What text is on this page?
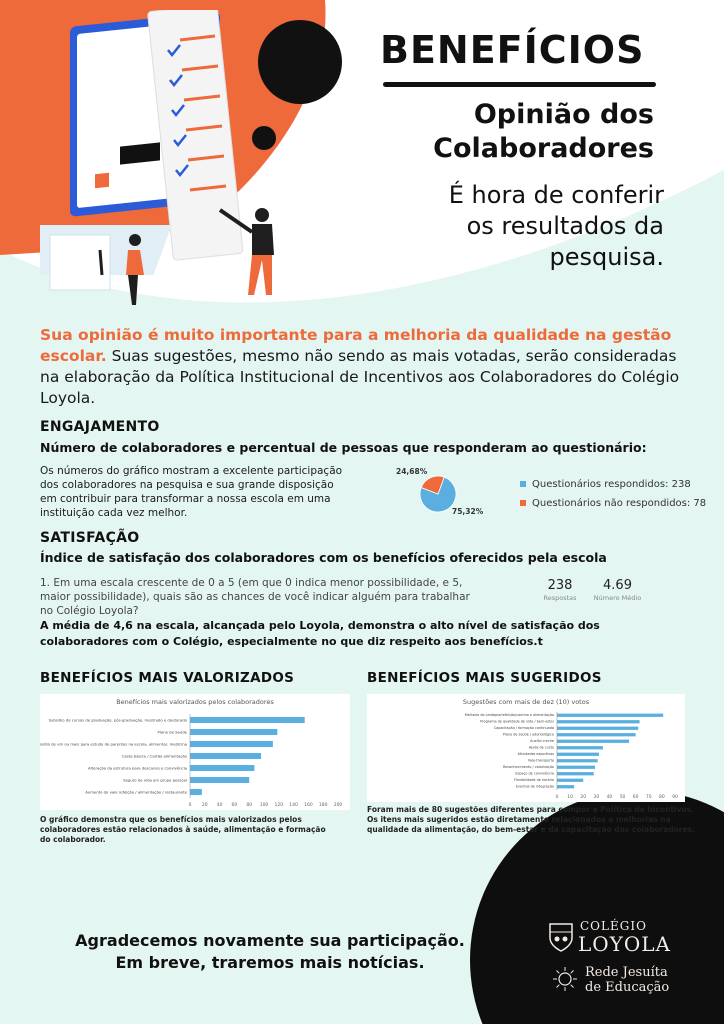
BENEFÍCIOS
Opinião dos
Colaboradores
É hora de conferir
os resultados da
pesquisa.
Sua opinião é muito importante para a melhoria da qualidade na gestão escolar. Suas sugestões, mesmo não sendo as mais votadas, serão consideradas na elaboração da Política Institucional de Incentivos aos Colaboradores do Colégio Loyola.
ENGAJAMENTO
Número de colaboradores e percentual de pessoas que responderam ao questionário:
Os números do gráfico mostram a excelente participação dos colaboradores na pesquisa e sua grande disposição em contribuir para transformar a nossa escola em uma instituição cada vez melhor.
24,68%
75,32%
Questionários respondidos: 238
Questionários não respondidos: 78
SATISFAÇÃO
Índice de satisfação dos colaboradores com os benefícios oferecidos pela escola
1. Em uma escala crescente de 0 a 5 (em que 0 indica menor possibilidade, e 5, maior possibilidade), quais são as chances de você indicar alguém para trabalhar no Colégio Loyola?
238
Respostas
4.69
Número Médio
A média de 4,6 na escala, alcançada pelo Loyola, demonstra o alto nível de satisfação dos colaboradores com o Colégio, especialmente no que diz respeito aos benefícios.t
BENEFÍCIOS MAIS VALORIZADOS
Benefícios mais valorizados pelos colaboradores
Subsídio de cursos de graduação, pós-graduação, mestrado e doutorado
Plano de Saúde
Subsídio de um ou mais para estudo de parentes na escola, alimentar, medicina
Cesta básica / Cartão alimentação
Alteração da estrutura para descanso e convivência
Seguro de vida em grupo pessoal
Aumento do vale refeição / alimentação / restaurante
0 20 40 60 80 100 120 140 160 180 200
O gráfico demonstra que os benefícios mais valorizados pelos colaboradores estão relacionados à saúde, alimentação e formação do colaborador.
BENEFÍCIOS MAIS SUGERIDOS
Sugestões com mais de dez (10) votos
Melhoria do cardápio/refeição/cantina e alimentação
Programa de qualidade de vida / bem-estar
Capacitação / formação continuada
Plano de saúde / odontológico
Auxílio creche
Ajuda de custo
Atividades esportivas
Vale-transporte
Reconhecimento / valorização
Espaço de convivência
Flexibilidade de horário
Eventos de integração
0 10 20 30 40 50 60 70 80 90
Foram mais de 80 sugestões diferentes para compor a Política de Incentivos. Os itens mais sugeridos estão diretamente relacionados a melhorias na qualidade da alimentação, do bem-estar e da capacitação dos colaboradores.
Agradecemos novamente sua participação.
Em breve, traremos mais notícias.
COLÉGIO
LOYOLA
Rede Jesuíta
de Educação
